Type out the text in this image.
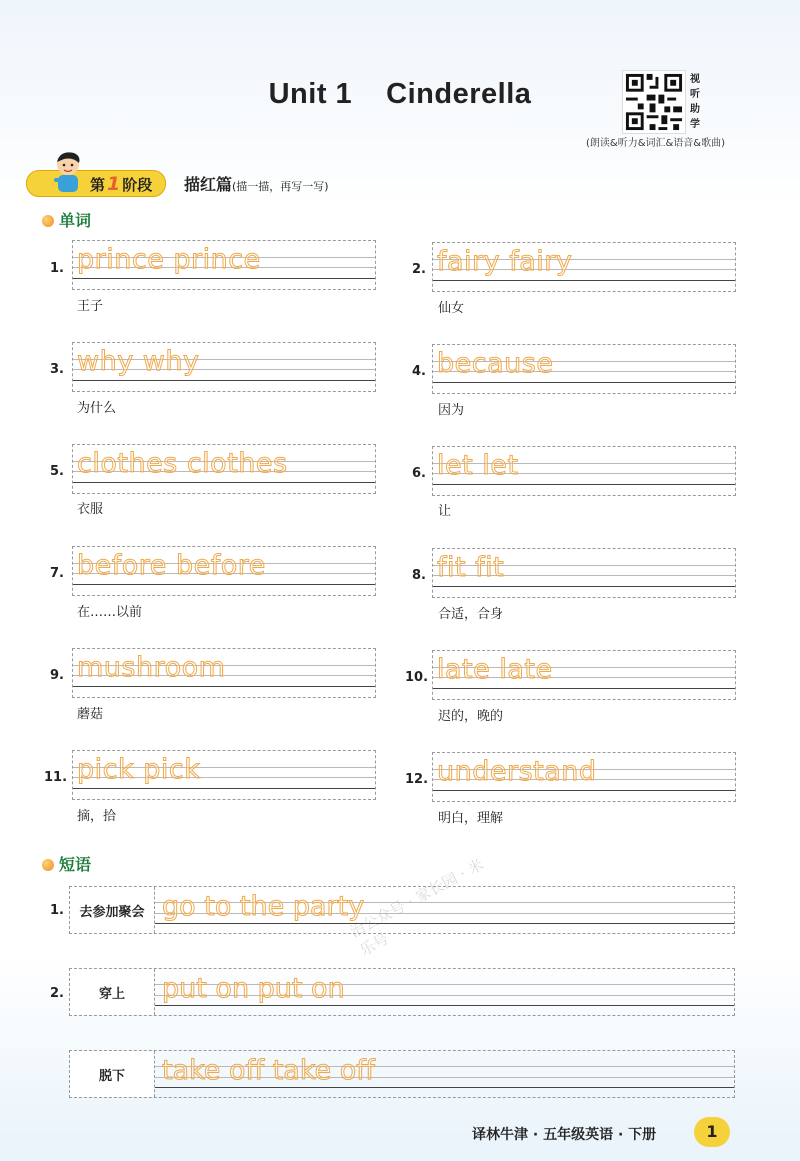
Unit 1 Cinderella	视听助学
(朗读&听力&词汇&语音&歌曲)
第 1 阶段 描红篇(描一描，再写一写)
单词
1. prince prince
王子
2. fairy fairy
仙女
3. why why
为什么
4. because
因为
5. clothes clothes
衣服
6. let let
让
7. before before
在……以前
8. fit fit
合适，合身
9. mushroom
蘑菇
10. late late
迟的，晚的
11. pick pick
摘，拾
12. understand
明白，理解
短语
1.	去参加聚会 go to the party
2.	穿上	put on put on
脱下	take off take off
治公众号 · 家长园 · 米乐号
译林牛津 · 五年级英语 · 下册	1
